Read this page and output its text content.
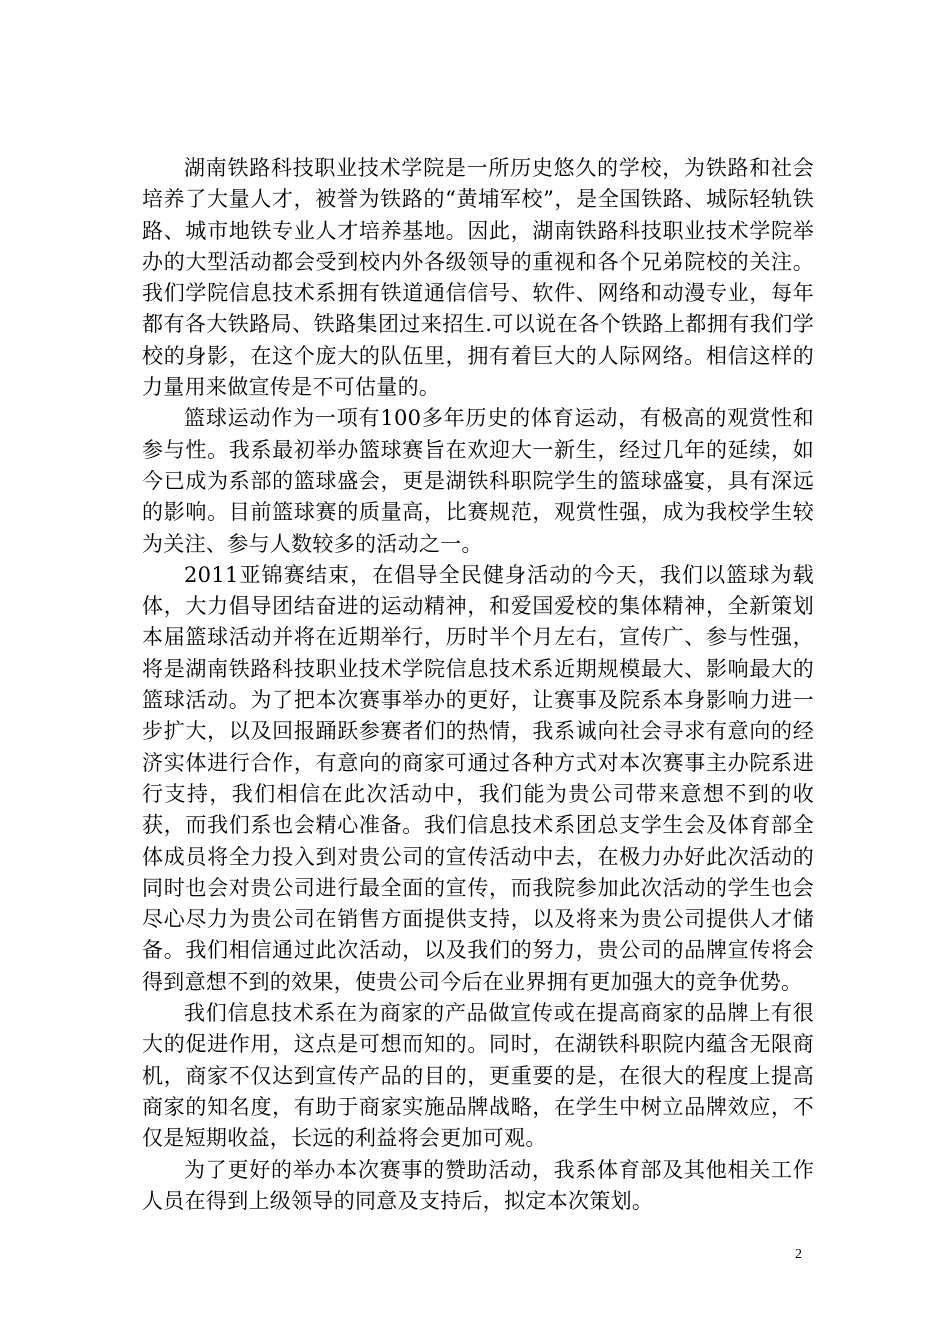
湖南铁路科技职业技术学院是一所历史悠久的学校，为铁路和社会培养了大量人才，被誉为铁路的“黄埔军校”，是全国铁路、城际轻轨铁路、城市地铁专业人才培养基地。因此，湖南铁路科技职业技术学院举办的大型活动都会受到校内外各级领导的重视和各个兄弟院校的关注。我们学院信息技术系拥有铁道通信信号、软件、网络和动漫专业，每年都有各大铁路局、铁路集团过来招生.可以说在各个铁路上都拥有我们学校的身影，在这个庞大的队伍里，拥有着巨大的人际网络。相信这样的力量用来做宣传是不可估量的。

篮球运动作为一项有100多年历史的体育运动，有极高的观赏性和参与性。我系最初举办篮球赛旨在欢迎大一新生，经过几年的延续，如今已成为系部的篮球盛会，更是湖铁科职院学生的篮球盛宴，具有深远的影响。目前篮球赛的质量高，比赛规范，观赏性强，成为我校学生较为关注、参与人数较多的活动之一。

2011亚锦赛结束，在倡导全民健身活动的今天，我们以篮球为载体，大力倡导团结奋进的运动精神，和爱国爱校的集体精神，全新策划本届篮球活动并将在近期举行，历时半个月左右，宣传广、参与性强，将是湖南铁路科技职业技术学院信息技术系近期规模最大、影响最大的篮球活动。为了把本次赛事举办的更好，让赛事及院系本身影响力进一步扩大，以及回报踊跃参赛者们的热情，我系诚向社会寻求有意向的经济实体进行合作，有意向的商家可通过各种方式对本次赛事主办院系进行支持，我们相信在此次活动中，我们能为贵公司带来意想不到的收获，而我们系也会精心准备。我们信息技术系团总支学生会及体育部全体成员将全力投入到对贵公司的宣传活动中去，在极力办好此次活动的同时也会对贵公司进行最全面的宣传，而我院参加此次活动的学生也会尽心尽力为贵公司在销售方面提供支持，以及将来为贵公司提供人才储备。我们相信通过此次活动，以及我们的努力，贵公司的品牌宣传将会得到意想不到的效果，使贵公司今后在业界拥有更加强大的竞争优势。

我们信息技术系在为商家的产品做宣传或在提高商家的品牌上有很大的促进作用，这点是可想而知的。同时，在湖铁科职院内蕴含无限商机，商家不仅达到宣传产品的目的，更重要的是，在很大的程度上提高商家的知名度，有助于商家实施品牌战略，在学生中树立品牌效应，不仅是短期收益，长远的利益将会更加可观。

为了更好的举办本次赛事的赞助活动，我系体育部及其他相关工作人员在得到上级领导的同意及支持后，拟定本次策划。

2
